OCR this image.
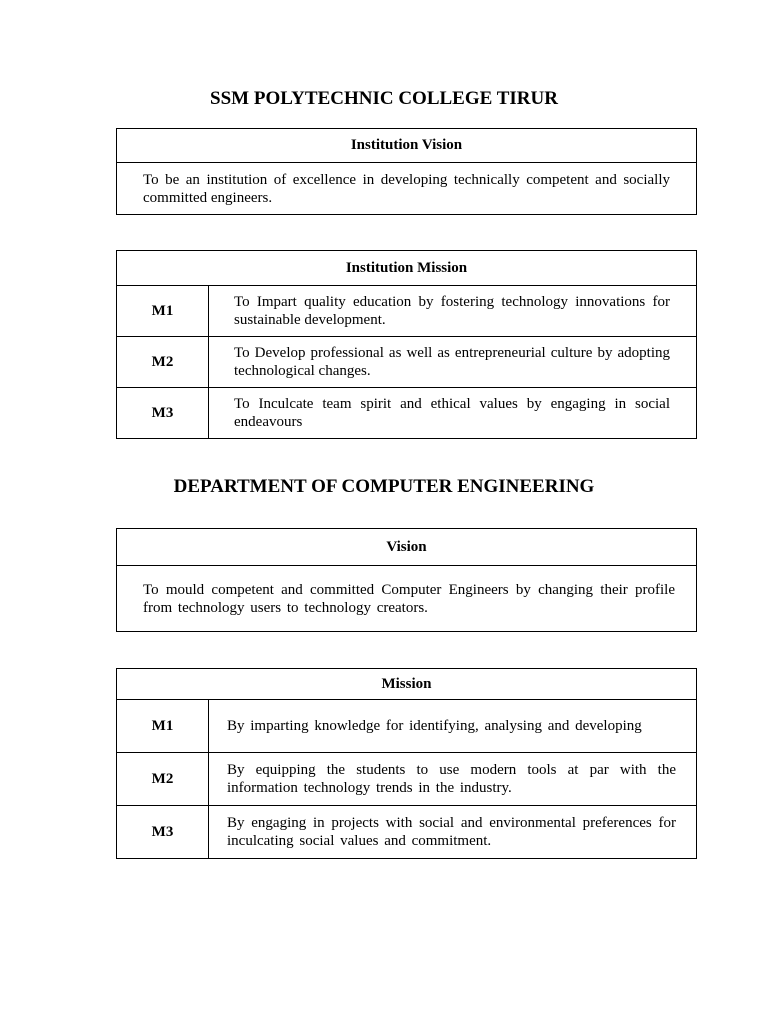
SSM POLYTECHNIC COLLEGE TIRUR
Institution Vision
To be an institution of excellence in developing technically competent and socially committed engineers.
Institution Mission	
M1	To Impart quality education by fostering technology innovations for sustainable development.
M2	To Develop professional as well as entrepreneurial culture by adopting technological changes.
M3	To Inculcate team spirit and ethical values by engaging in social endeavours
DEPARTMENT OF COMPUTER ENGINEERING
Vision
To mould competent and committed Computer Engineers by changing their profile from technology users to technology creators.
Mission	
M1	By imparting knowledge for identifying, analysing and developing
M2	By equipping the students to use modern tools at par with the information technology trends in the industry.
M3	By engaging in projects with social and environmental preferences for inculcating social values and commitment.
